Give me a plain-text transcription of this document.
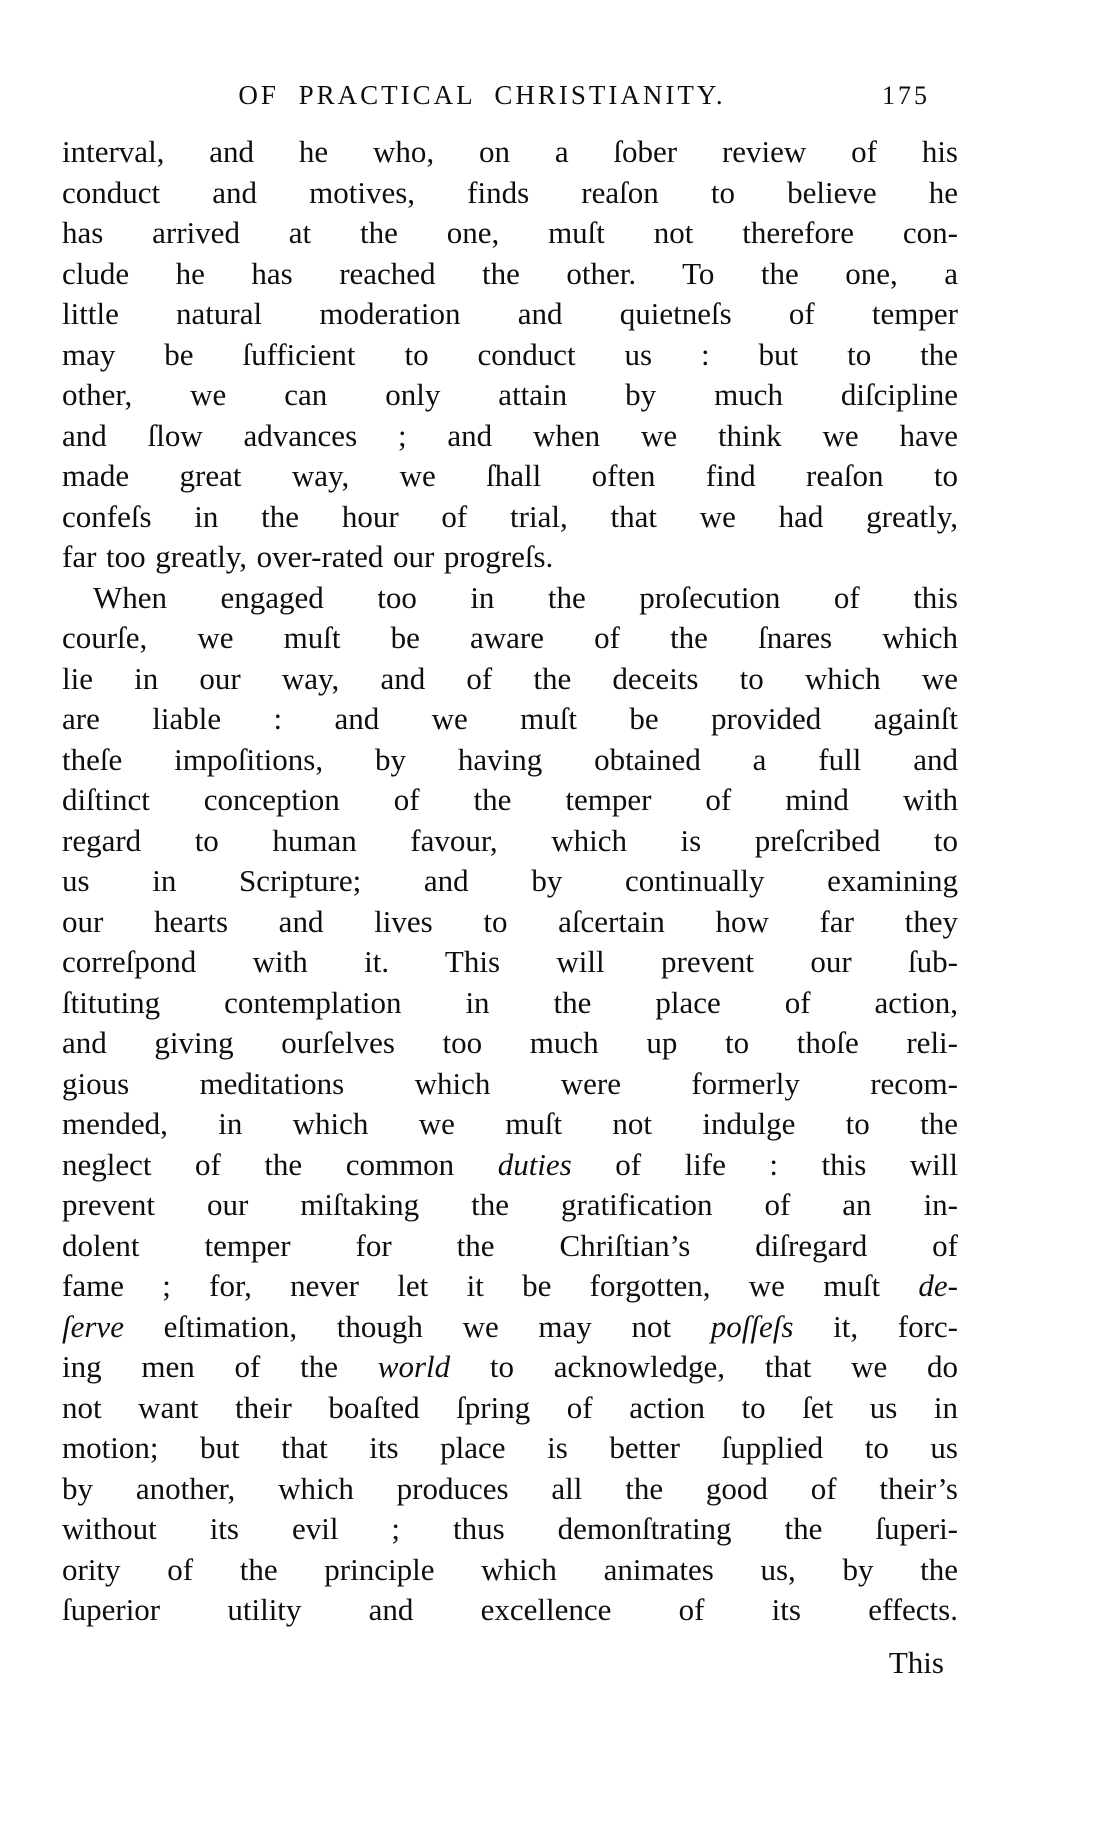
OF PRACTICAL CHRISTIANITY.	175
interval, and he who, on a ſober review of his
conduct and motives, finds reaſon to believe he
has arrived at the one, muſt not therefore con-
clude he has reached the other. To the one, a
little natural moderation and quietneſs of temper
may be ſufficient to conduct us : but to the
other, we can only attain by much diſcipline
and ſlow advances ; and when we think we have
made great way, we ſhall often find reaſon to
confeſs in the hour of trial, that we had greatly,
far too greatly, over-rated our progreſs.
When engaged too in the proſecution of this
courſe, we muſt be aware of the ſnares which
lie in our way, and of the deceits to which we
are liable : and we muſt be provided againſt
theſe impoſitions, by having obtained a full and
diſtinct conception of the temper of mind with
regard to human favour, which is preſcribed to
us in Scripture; and by continually examining
our hearts and lives to aſcertain how far they
correſpond with it. This will prevent our ſub-
ſtituting contemplation in the place of action,
and giving ourſelves too much up to thoſe reli-
gious meditations which were formerly recom-
mended, in which we muſt not indulge to the
neglect of the common duties of life : this will
prevent our miſtaking the gratification of an in-
dolent temper for the Chriſtian’s diſregard of
fame ; for, never let it be forgotten, we muſt de-
ſerve eſtimation, though we may not poſſeſs it, forc-
ing men of the world to acknowledge, that we do
not want their boaſted ſpring of action to ſet us in
motion; but that its place is better ſupplied to us
by another, which produces all the good of their’s
without its evil ; thus demonſtrating the ſuperi-
ority of the principle which animates us, by the
ſuperior utility and excellence of its effects.
This
